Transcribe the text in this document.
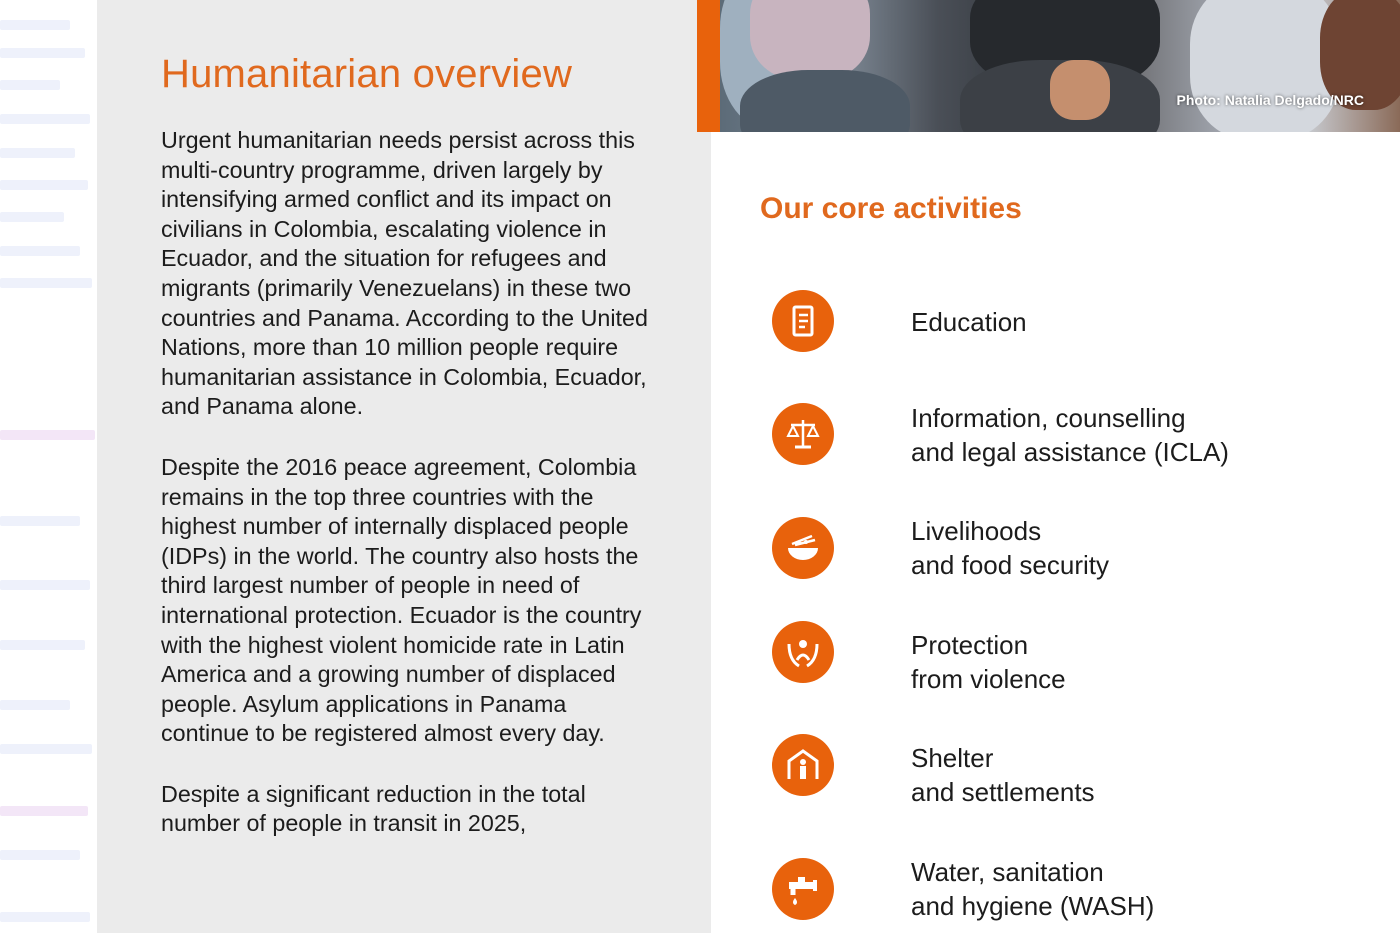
Humanitarian overview

Urgent humanitarian needs persist across this multi-country programme, driven largely by intensifying armed conflict and its impact on civilians in Colombia, escalating violence in Ecuador, and the situation for refugees and migrants (primarily Venezuelans) in these two countries and Panama. According to the United Nations, more than 10 million people require humanitarian assistance in Colombia, Ecuador, and Panama alone.

Despite the 2016 peace agreement, Colombia remains in the top three countries with the highest number of internally displaced people (IDPs) in the world. The country also hosts the third largest number of people in need of international protection. Ecuador is the country with the highest violent homicide rate in Latin America and a growing number of displaced people. Asylum applications in Panama continue to be registered almost every day.

Despite a significant reduction in the total number of people in transit in 2025,

Photo: Natalia Delgado/NRC
Our core activities
Education
Information, counselling
and legal assistance (ICLA)
Livelihoods
and food security
Protection
from violence
Shelter
and settlements
Water, sanitation
and hygiene (WASH)
